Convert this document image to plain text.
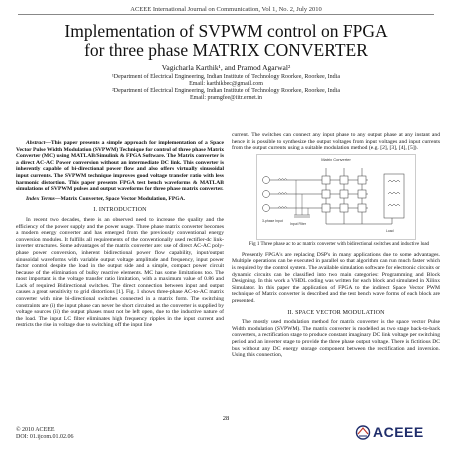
ACEEE International Journal on Communication, Vol 1, No. 2, July 2010
Implementation of SVPWM control on FPGA
for three phase MATRIX CONVERTER
Vagicharla Karthik¹, and Pramod Agarwal²
¹Department of Electrical Engineering, Indian Institute of Technology Roorkee, Roorkee, India
Email: karthikbec@gmail.com
²Department of Electrical Engineering, Indian Institute of Technology Roorkee, Roorkee, India
Email: pramgfee@iitr.ernet.in

Abstract—This paper presents a simple approach for implementation of a Space Vector Pulse Width Modulation (SVPWM) Technique for control of three phase Matrix Converter (MC) using MATLAB/Simulink & FPGA Software. The Matrix converter is a direct AC-AC Power conversion without an intermediate DC link. This converter is inherently capable of bi-directional power flow and also offers virtually sinusoidal input currents. The SVPWM technique improves good voltage transfer ratio with less harmonic distortion. This paper presents FPGA test bench waveforms & MATLAB simulations of SVPWM pulses and output waveforms for three phase matrix converter.

Index Terms—Matrix Converter, Space Vector Modulation, FPGA.

I. INTRODUCTION

In recent two decades, there is an observed need to increase the quality and the efficiency of the power supply and the power usage. Three phase matrix converter becomes a modern energy converter and has emerged from the previously conventional energy conversion modules. It fulfills all requirements of the conventionally used rectifier-dc link- inverter structures. Some advantages of the matrix converter are: use of direct AC-AC poly-phase power conversion, inherent bidirectional power flow capability, input/output sinusoidal waveforms with variable output voltage amplitude and frequency, input power factor control despite the load in the output side and a simple, compact power circuit because of the elimination of bulky reactive elements. MC has some limitations too. The most important is the voltage transfer ratio limitation, with a maximum value of 0.86 and Lack of required Bidirectional switches. The direct connection between input and output causes a great sensitivity to grid distortions [1]. Fig. 1 shows three-phase AC-to-AC matrix converter with nine bi-directional switches connected in a matrix form. The switching constraints are (i) the input phase can never be short circuited as the converter is supplied by voltage sources (ii) the output phases must not be left open, due to the inductive nature of the load. The input LC filter eliminates high frequency ripples in the input current and restricts the rise in voltage due to switching off the input line

current. The switches can connect any input phase to any output phase at any instant and hence it is possible to synthesize the output voltages from input voltages and input currents from the output currents using a suitable modulation method (e.g. [2], [3], [4], [5]).

Matrix Converter
3-phase Input
Input Filter
Load

Fig 1 Three phase ac to ac matrix converter with bidirectional switches and inductive load

Presently FPGA's are replacing DSP's in many applications due to some advantages. Multiple operations can be executed in parallel so that algorithm can run much faster which is required by the control system. The available simulation software for electronic circuits or dynamic circuits can be classified into two main categories: Programming and Block Designing. In this work a VHDL coding was written for each block and simulated in Xilinx Simulator. In this paper the application of FPGA to the indirect Space Vector PWM technique of Matrix converter is described and the test bench wave forms of each block are presented.

II. SPACE VECTOR MODULATION

The mostly used modulation method for matrix converter is the space vector Pulse Width modulation (SVPWM). The matrix converter is modelled as two stage back-to-back converters, a rectification stage to produce constant imaginary DC link voltage per switching period and an inverter stage to provide the three phase output voltage. There is fictitious DC bus without any DC energy storage component between the rectification and inversion. Using this connection,

28
© 2010 ACEEE
DOI: 01.ijcom.01.02.06	ACEEE
